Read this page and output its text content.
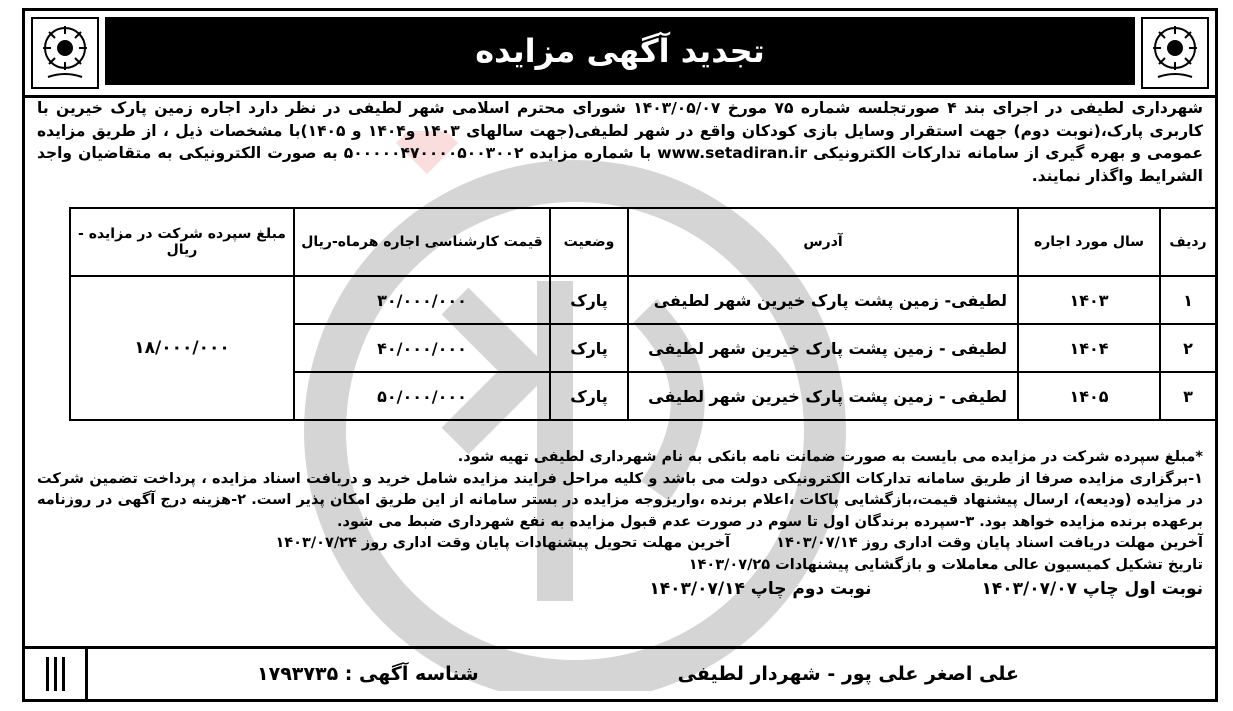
تجدید آگهی مزایده
شهرداری لطیفی در اجرای بند ۴ صورتجلسه شماره ۷۵ مورخ ۱۴۰۳/۰۵/۰۷ شورای محترم اسلامی شهر لطیفی در نظر دارد اجاره زمین پارک خیرین با کاربری پارک،(نوبت دوم) جهت استقرار وسایل بازی کودکان واقع در شهر لطیفی(جهت سالهای ۱۴۰۳ و۱۴۰۴ و ۱۴۰۵)با مشخصات ذیل ، از طریق مزایده عمومی و بهره گیری از سامانه تدارکات الکترونیکی www.setadiran.ir با شماره مزایده ۵۰۰۰۰۰۴۷۰۰۰۰۵۰۰۳۰۰۲ به صورت الکترونیکی به متقاضیان واجد الشرایط واگذار نمایند.
ردیف	سال مورد اجاره	آدرس	وضعیت	قیمت کارشناسی اجاره هرماه-ریال	مبلغ سپرده شرکت در مزایده - ریال
۱	۱۴۰۳	لطیفی- زمین پشت پارک خیرین شهر لطیفی	پارک	۳۰/۰۰۰/۰۰۰	۱۸/۰۰۰/۰۰۰
۲	۱۴۰۴	لطیفی - زمین پشت پارک خیرین شهر لطیفی	پارک	۴۰/۰۰۰/۰۰۰	
۳	۱۴۰۵	لطیفی - زمین پشت پارک خیرین شهر لطیفی	پارک	۵۰/۰۰۰/۰۰۰	

*مبلغ سپرده شرکت در مزایده می بایست به صورت ضمانت نامه بانکی به نام شهرداری لطیفی تهیه شود.

۱-برگزاری مزایده صرفا از طریق سامانه تدارکات الکترونیکی دولت می باشد و کلیه مراحل فرایند مزایده شامل خرید و دریافت اسناد مزایده ، پرداخت تضمین شرکت در مزایده (ودیعه)، ارسال پیشنهاد قیمت،بازگشایی پاکات ،اعلام برنده ،واریزوجه مزایده در بستر سامانه از این طریق امکان پذیر است. ۲-هزینه درج آگهی در روزنامه برعهده برنده مزایده خواهد بود. ۳-سپرده برندگان اول تا سوم در صورت عدم قبول مزایده به نفع شهرداری ضبط می شود.

آخرین مهلت دریافت اسناد پایان وقت اداری روز ۱۴۰۳/۰۷/۱۴
آخرین مهلت تحویل پیشنهادات پایان وقت اداری روز ۱۴۰۳/۰۷/۲۴

تاریخ تشکیل کمیسیون عالی معاملات و بازگشایی پیشنهادات ۱۴۰۳/۰۷/۲۵

نوبت اول چاپ ۱۴۰۳/۰۷/۰۷
نوبت دوم چاپ ۱۴۰۳/۰۷/۱۴
علی اصغر علی پور - شهردار لطیفی
شناسه آگهی : ۱۷۹۳۷۳۵
